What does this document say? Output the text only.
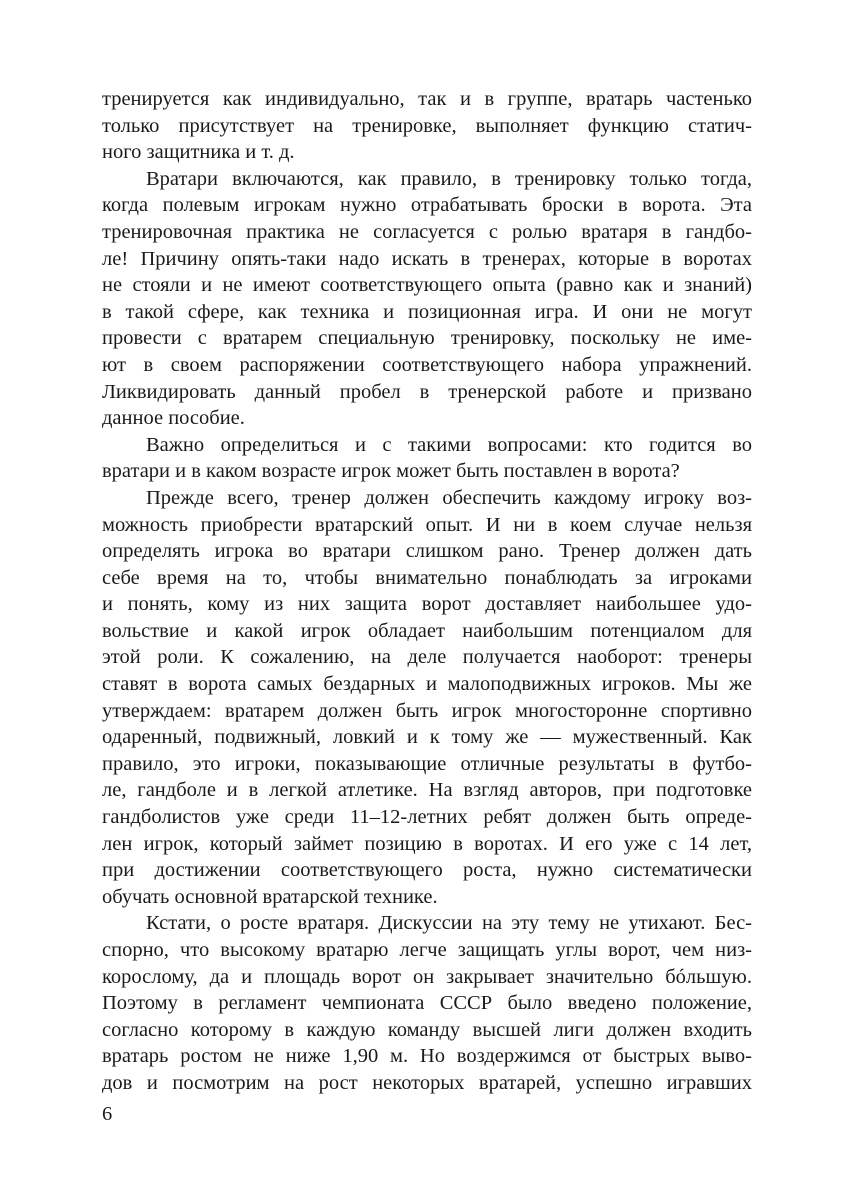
тренируется как индивидуально, так и в группе, вратарь частенько
только присутствует на тренировке, выполняет функцию статич-
ного защитника и т. д.
Вратари включаются, как правило, в тренировку только тогда,
когда полевым игрокам нужно отрабатывать броски в ворота. Эта
тренировочная практика не согласуется с ролью вратаря в гандбо-
ле! Причину опять-таки надо искать в тренерах, которые в воротах
не стояли и не имеют соответствующего опыта (равно как и знаний)
в такой сфере, как техника и позиционная игра. И они не могут
провести с вратарем специальную тренировку, поскольку не име-
ют в своем распоряжении соответствующего набора упражнений.
Ликвидировать данный пробел в тренерской работе и призвано
данное пособие.
Важно определиться и с такими вопросами: кто годится во
вратари и в каком возрасте игрок может быть поставлен в ворота?
Прежде всего, тренер должен обеспечить каждому игроку воз-
можность приобрести вратарский опыт. И ни в коем случае нельзя
определять игрока во вратари слишком рано. Тренер должен дать
себе время на то, чтобы внимательно понаблюдать за игроками
и понять, кому из них защита ворот доставляет наибольшее удо-
вольствие и какой игрок обладает наибольшим потенциалом для
этой роли. К сожалению, на деле получается наоборот: тренеры
ставят в ворота самых бездарных и малоподвижных игроков. Мы же
утверждаем: вратарем должен быть игрок многосторонне спортивно
одаренный, подвижный, ловкий и к тому же — мужественный. Как
правило, это игроки, показывающие отличные результаты в футбо-
ле, гандболе и в легкой атлетике. На взгляд авторов, при подготовке
гандболистов уже среди 11–12-летних ребят должен быть опреде-
лен игрок, который займет позицию в воротах. И его уже с 14 лет,
при достижении соответствующего роста, нужно систематически
обучать основной вратарской технике.
Кстати, о росте вратаря. Дискуссии на эту тему не утихают. Бес-
спорно, что высокому вратарю легче защищать углы ворот, чем низ-
корослому, да и площадь ворот он закрывает значительно бóльшую.
Поэтому в регламент чемпионата СССР было введено положение,
согласно которому в каждую команду высшей лиги должен входить
вратарь ростом не ниже 1,90 м. Но воздержимся от быстрых выво-
дов и посмотрим на рост некоторых вратарей, успешно игравших
6
